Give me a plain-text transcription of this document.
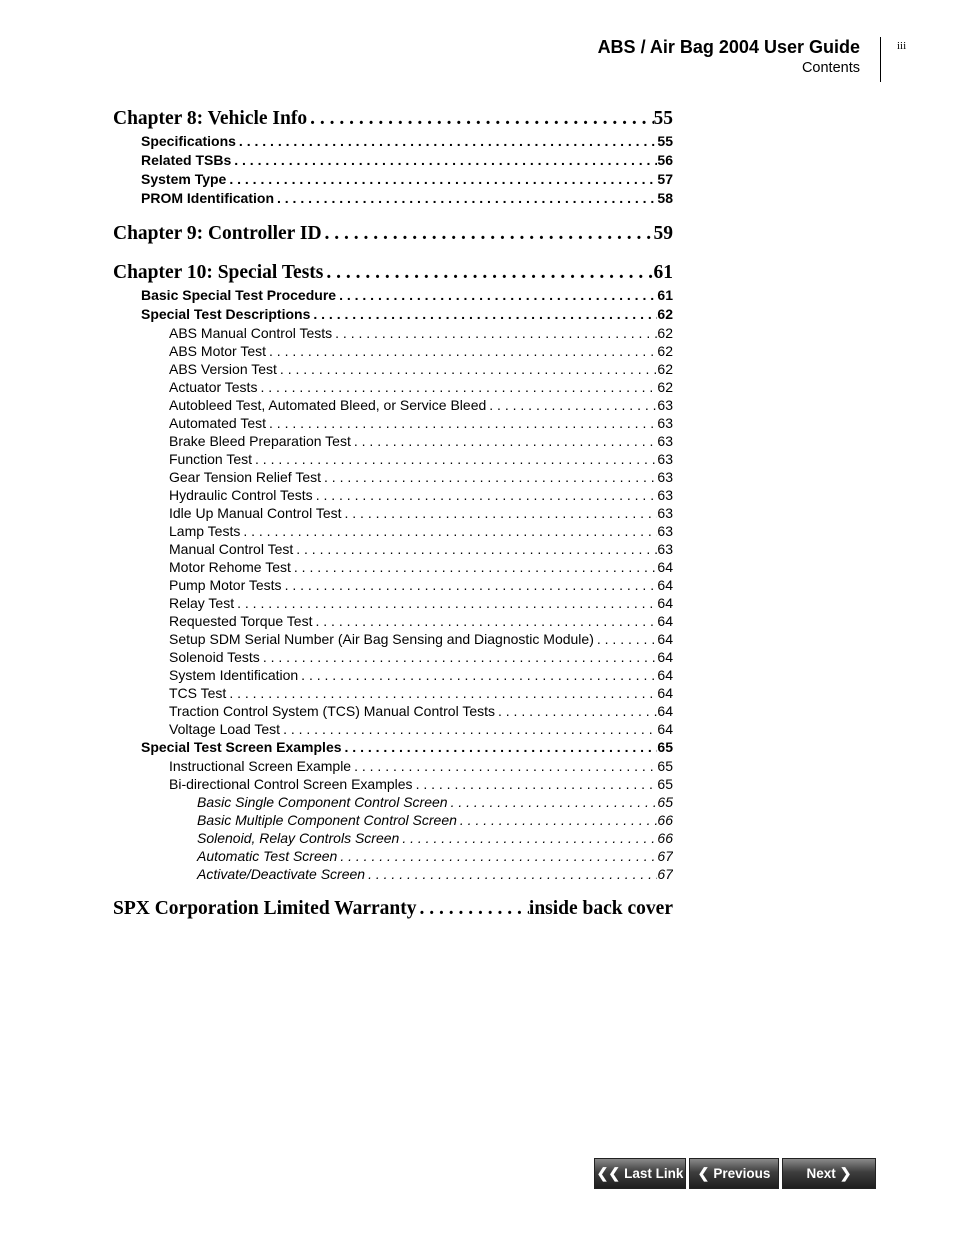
ABS / Air Bag 2004 User Guide
Contents
iii
Chapter 8: Vehicle Info . . .	55
Specifications . . .	55
Related TSBs . . .	56
System Type . . .	57
PROM Identification . . .	58
Chapter 9: Controller ID . . .	59
Chapter 10: Special Tests . . .	61
Basic Special Test Procedure . . .	61
Special Test Descriptions . . .	62
ABS Manual Control Tests . . .	62
ABS Motor Test . . .	62
ABS Version Test . . .	62
Actuator Tests . . .	62
Autobleed Test, Automated Bleed, or Service Bleed . . .	63
Automated Test . . .	63
Brake Bleed Preparation Test . . .	63
Function Test . . .	63
Gear Tension Relief Test . . .	63
Hydraulic Control Tests . . .	63
Idle Up Manual Control Test . . .	63
Lamp Tests . . .	63
Manual Control Test . . .	63
Motor Rehome Test . . .	64
Pump Motor Tests . . .	64
Relay Test . . .	64
Requested Torque Test . . .	64
Setup SDM Serial Number (Air Bag Sensing and Diagnostic Module) . . .	64
Solenoid Tests . . .	64
System Identification . . .	64
TCS Test . . .	64
Traction Control System (TCS) Manual Control Tests . . .	64
Voltage Load Test . . .	64
Special Test Screen Examples . . .	65
Instructional Screen Example . . .	65
Bi-directional Control Screen Examples . . .	65
Basic Single Component Control Screen . . .	65
Basic Multiple Component Control Screen . . .	66
Solenoid, Relay Controls Screen . . .	66
Automatic Test Screen . . .	67
Activate/Deactivate Screen . . .	67
SPX Corporation Limited Warranty . . .	inside back cover
❮❮ Last Link ❮ Previous	Next ❯
